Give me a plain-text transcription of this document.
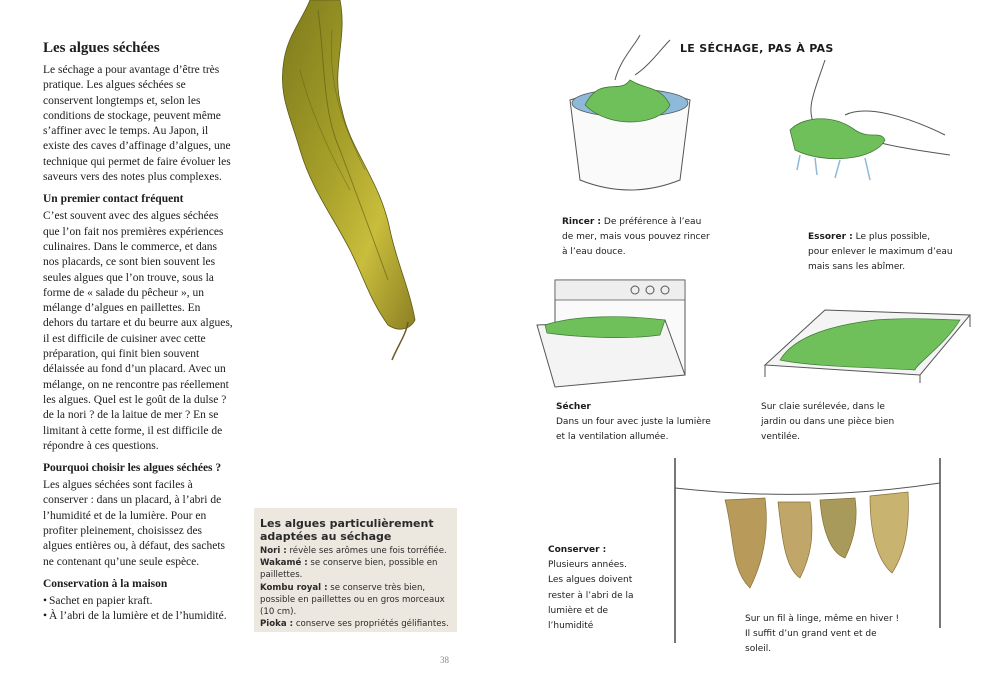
Les algues séchées

Le séchage a pour avantage d’être très pratique. Les algues séchées se conservent longtemps et, selon les conditions de stockage, peuvent même s’affiner avec le temps. Au Japon, il existe des caves d’affinage d’algues, une technique qui permet de faire évoluer les saveurs vers des notes plus complexes.

Un premier contact fréquent

C’est souvent avec des algues séchées que l’on fait nos premières expériences culinaires. Dans le commerce, et dans nos placards, ce sont bien souvent les seules algues que l’on trouve, sous la forme de « salade du pêcheur », un mélange d’algues en paillettes. En dehors du tartare et du beurre aux algues, il est difficile de cuisiner avec cette préparation, qui finit bien souvent délaissée au fond d’un placard. Avec un mélange, on ne rencontre pas réellement les algues. Quel est le goût de la dulse ? de la nori ? de la laitue de mer ? En se limitant à cette forme, il est difficile de répondre à ces questions.

Pourquoi choisir les algues séchées ?

Les algues séchées sont faciles à conserver : dans un placard, à l’abri de l’humidité et de la lumière. Pour en profiter pleinement, choisissez des algues entières ou, à défaut, des sachets ne contenant qu’une seule espèce.

Conservation à la maison
• Sachet en papier kraft.
• À l’abri de la lumière et de l’humidité.
Les algues particulièrement adaptées au séchage
Nori : révèle ses arômes une fois torréfiée.
Wakamé : se conserve bien, possible en paillettes.
Kombu royal : se conserve très bien, possible en paillettes ou en gros morceaux (10 cm).
Pioka : conserve ses propriétés gélifiantes.
38
LE SÉCHAGE, PAS À PAS
Rincer : De préférence à l’eau de mer, mais vous pouvez rincer à l’eau douce.
Essorer : Le plus possible, pour enlever le maximum d’eau mais sans les abîmer.
Sécher
Dans un four avec juste la lumière et la ventilation allumée.
Sur claie surélevée, dans le jardin ou dans une pièce bien ventilée.
Conserver :
Plusieurs années. Les algues doivent rester à l’abri de la lumière et de l’humidité
Sur un fil à linge, même en hiver ! Il suffit d’un grand vent et de soleil.
